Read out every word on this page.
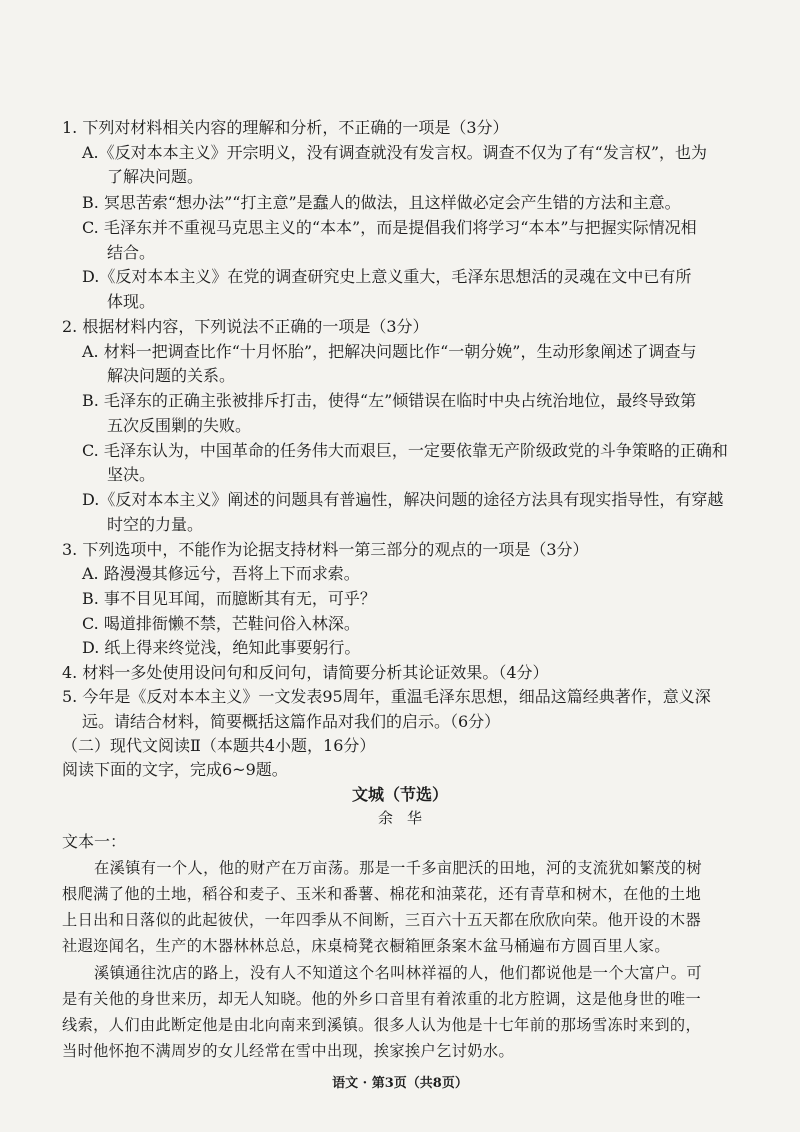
1. 下列对材料相关内容的理解和分析，不正确的一项是（3分）
A.《反对本本主义》开宗明义，没有调查就没有发言权。调查不仅为了有“发言权”，也为
了解决问题。
B. 冥思苦索“想办法”“打主意”是蠢人的做法，且这样做必定会产生错的方法和主意。
C. 毛泽东并不重视马克思主义的“本本”，而是提倡我们将学习“本本”与把握实际情况相
结合。
D.《反对本本主义》在党的调查研究史上意义重大，毛泽东思想活的灵魂在文中已有所
体现。
2. 根据材料内容，下列说法不正确的一项是（3分）
A. 材料一把调查比作“十月怀胎”，把解决问题比作“一朝分娩”，生动形象阐述了调查与
解决问题的关系。
B. 毛泽东的正确主张被排斥打击，使得“左”倾错误在临时中央占统治地位，最终导致第
五次反围剿的失败。
C. 毛泽东认为，中国革命的任务伟大而艰巨，一定要依靠无产阶级政党的斗争策略的正确和
坚决。
D.《反对本本主义》阐述的问题具有普遍性，解决问题的途径方法具有现实指导性，有穿越
时空的力量。
3. 下列选项中，不能作为论据支持材料一第三部分的观点的一项是（3分）
A. 路漫漫其修远兮，吾将上下而求索。
B. 事不目见耳闻，而臆断其有无，可乎？
C. 喝道排衙懒不禁，芒鞋问俗入林深。
D. 纸上得来终觉浅，绝知此事要躬行。
4. 材料一多处使用设问句和反问句，请简要分析其论证效果。（4分）
5. 今年是《反对本本主义》一文发表95周年，重温毛泽东思想，细品这篇经典著作，意义深
远。请结合材料，简要概括这篇作品对我们的启示。（6分）
（二）现代文阅读Ⅱ（本题共4小题，16分）
阅读下面的文字，完成6~9题。
文城（节选）
余华
文本一：
在溪镇有一个人，他的财产在万亩荡。那是一千多亩肥沃的田地，河的支流犹如繁茂的树
根爬满了他的土地，稻谷和麦子、玉米和番薯、棉花和油菜花，还有青草和树木，在他的土地
上日出和日落似的此起彼伏，一年四季从不间断，三百六十五天都在欣欣向荣。他开设的木器
社遐迩闻名，生产的木器林林总总，床桌椅凳衣橱箱匣条案木盆马桶遍布方圆百里人家。
溪镇通往沈店的路上，没有人不知道这个名叫林祥福的人，他们都说他是一个大富户。可
是有关他的身世来历，却无人知晓。他的外乡口音里有着浓重的北方腔调，这是他身世的唯一
线索，人们由此断定他是由北向南来到溪镇。很多人认为他是十七年前的那场雪冻时来到的，
当时他怀抱不满周岁的女儿经常在雪中出现，挨家挨户乞讨奶水。
语文 · 第3页（共8页）
